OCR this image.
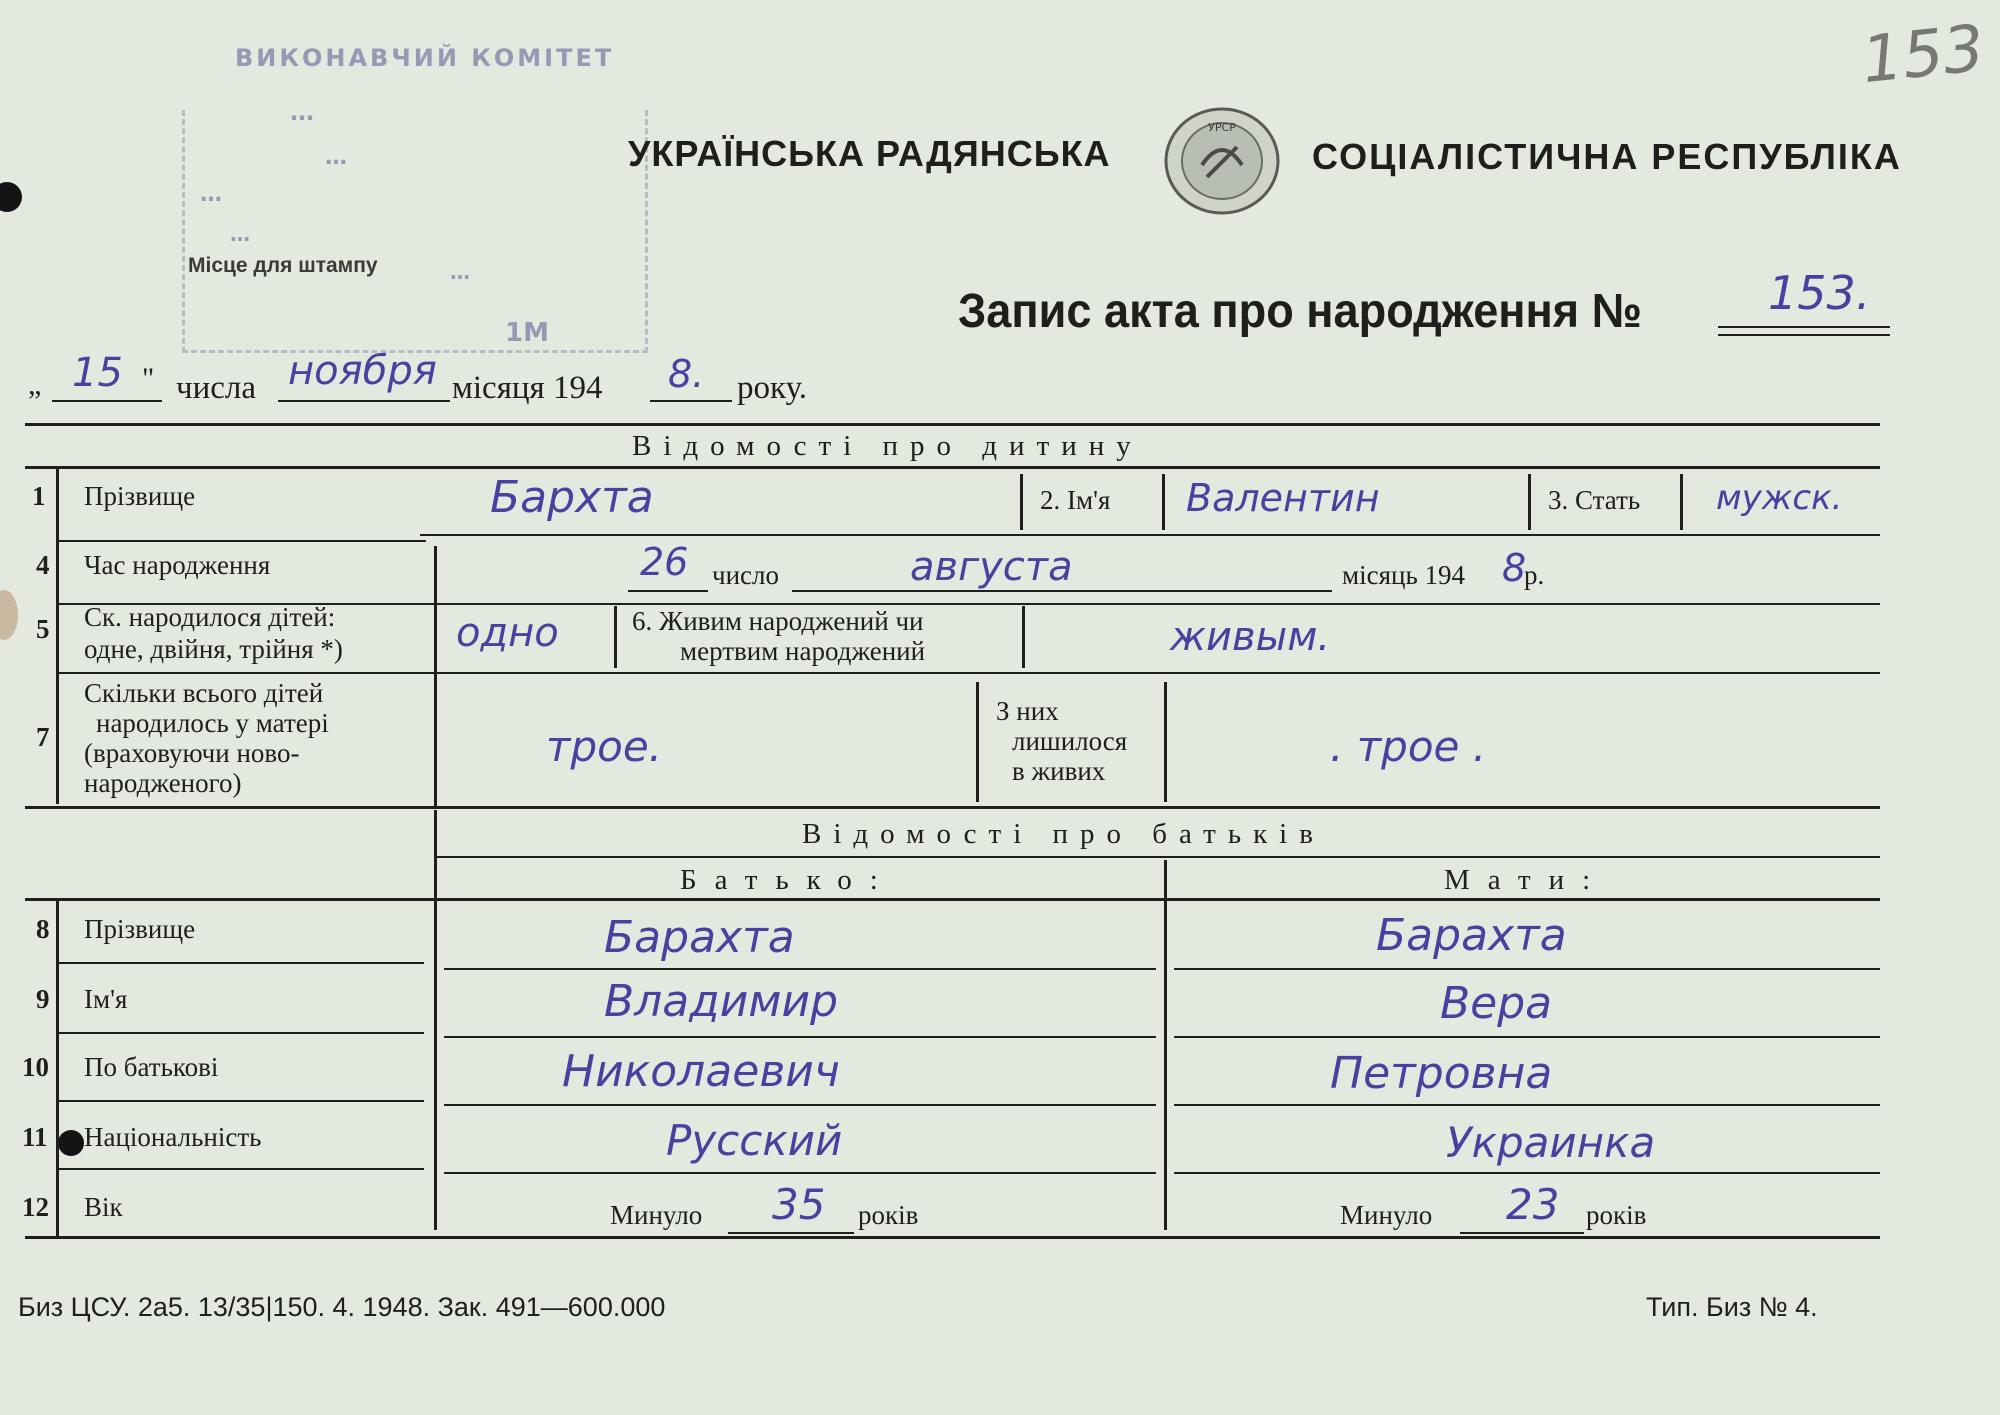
ВИКОНАВЧИЙ КОМІТЕТ
…
…
…
…
Місце для штампу	…
1М
УКРАЇНСЬКА РАДЯНСЬКА
УРСР
СОЦІАЛІСТИЧНА РЕСПУБЛІКА
153
Запис акта про народження №	153.
„ 15 " числа ноября місяця 194 8. року.
Відомості про дитину
1 Прізвище	Бархта	2. Ім'я Валентин	3. Стать мужск.
4 Час народження	26 число	августа	місяць 194 8
р.
5 Ск. народилося дітей:
одне, двійня, трійня *)	одно	6. Живим народжений чи
мертвим народжений	живым.
7
Скільки всього дітей
народилось у матері
(враховуючи ново-
народженого)
трое.
З них
лишилося
в живих	. трое .
Відомості про батьків
Батько:	Мати:
8 Прізвище	Бараxта	Бараxта
9 Ім'я	Владимир	Вера
10 По батькові	Николаевич	Петровна
11 Національність	Русский	Украинка
12 Вік	Минуло 35 років	Минуло 23 років
Биз ЦСУ. 2а5. 13/35|150. 4. 1948. Зак. 491—600.000	Тип. Биз № 4.
